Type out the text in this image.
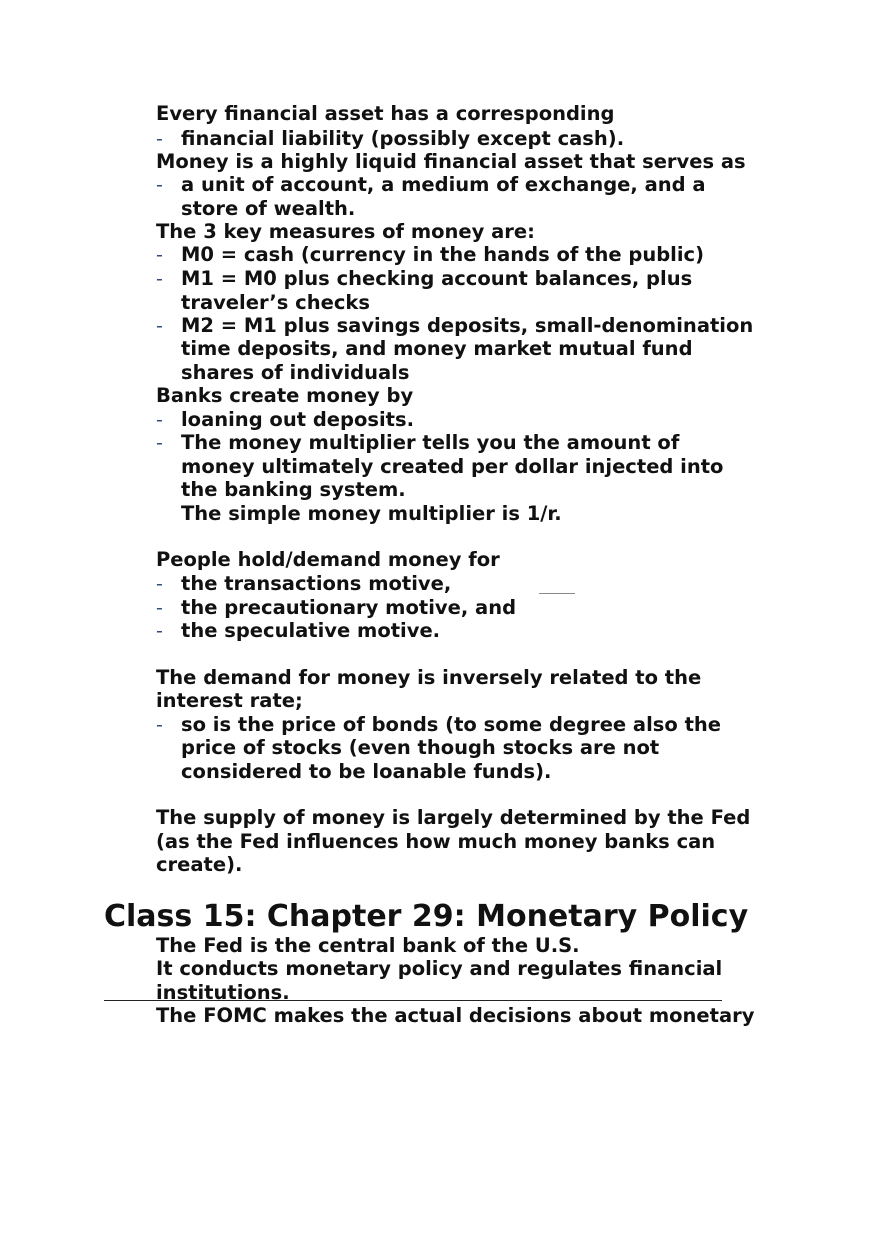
Every financial asset has a corresponding
- financial liability (possibly except cash).
Money is a highly liquid financial asset that serves as
- a unit of account, a medium of exchange, and a
store of wealth.
The 3 key measures of money are:
- M0 = cash (currency in the hands of the public)
- M1 = M0 plus checking account balances, plus
traveler’s checks
- M2 = M1 plus savings deposits, small-denomination
time deposits, and money market mutual fund
shares of individuals
Banks create money by
- loaning out deposits.
- The money multiplier tells you the amount of
money ultimately created per dollar injected into
the banking system.
The simple money multiplier is 1/r.
People hold/demand money for
- the transactions motive,
- the precautionary motive, and
- the speculative motive.
The demand for money is inversely related to the
interest rate;
- so is the price of bonds (to some degree also the
price of stocks (even though stocks are not
considered to be loanable funds).
The supply of money is largely determined by the Fed
(as the Fed influences how much money banks can
create).
Class 15: Chapter 29: Monetary Policy
The Fed is the central bank of the U.S.
It conducts monetary policy and regulates financial
institutions.
The FOMC makes the actual decisions about monetary
